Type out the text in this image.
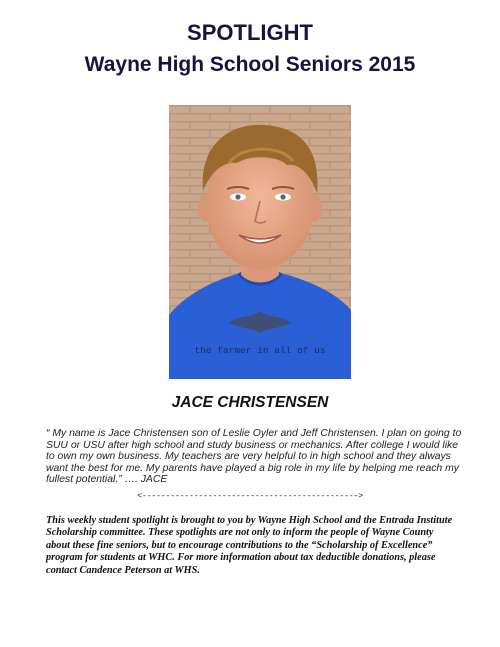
SPOTLIGHT
Wayne High School Seniors 2015
the farmer in all of us
JACE CHRISTENSEN

“ My name is Jace Christensen son of Leslie Oyler and Jeff Christensen. I plan on going to SUU or USU after high school and study business or mechanics. After college I would like to own my own business. My teachers are very helpful to in high school and they always want the best for me. My parents have played a big role in my life by helping me reach my fullest potential.” …. JACE

<---------------------------------------------->

This weekly student spotlight is brought to you by Wayne High School and the Entrada Institute Scholarship committee. These spotlights are not only to inform the people of Wayne County about these fine seniors, but to encourage contributions to the “Scholarship of Excellence” program for students at WHC. For more information about tax deductible donations, please contact Candence Peterson at WHS.
